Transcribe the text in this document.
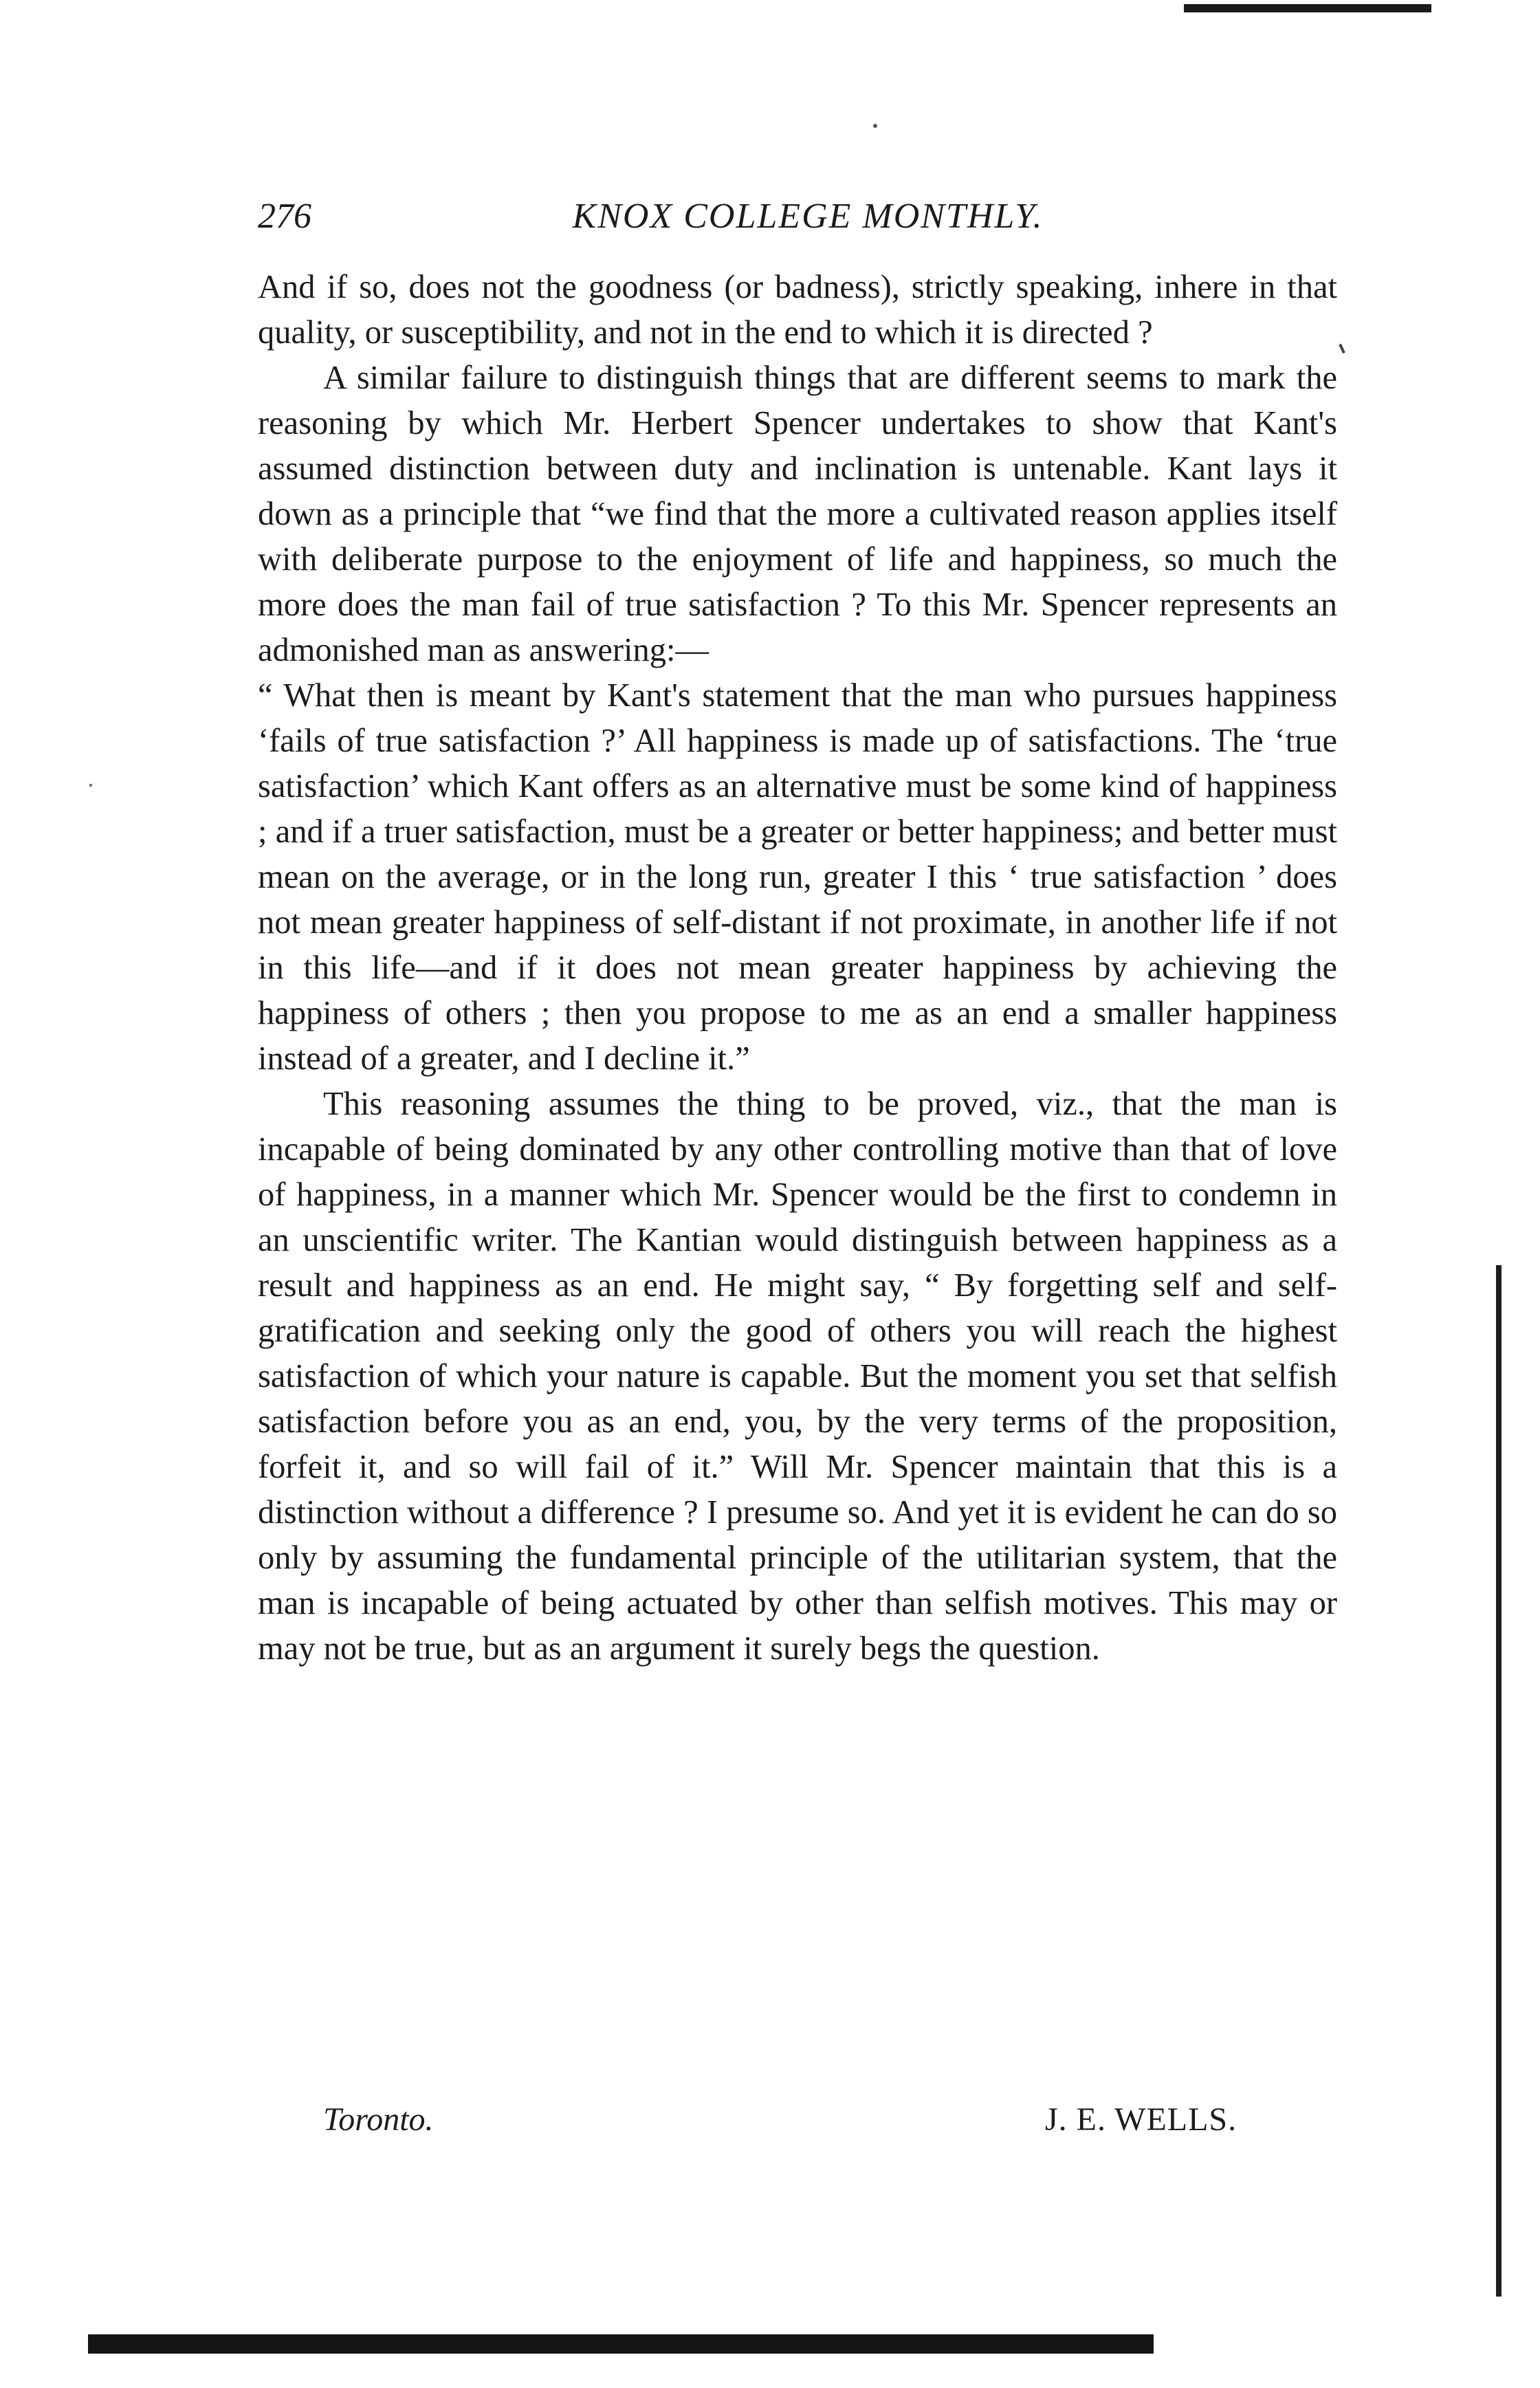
276	KNOX COLLEGE MONTHLY.

And if so, does not the goodness (or badness), strictly speaking, inhere in that quality, or susceptibility, and not in the end to which it is directed ?

A similar failure to distinguish things that are different seems to mark the reasoning by which Mr. Herbert Spencer undertakes to show that Kant's assumed distinction between duty and inclination is untenable. Kant lays it down as a principle that “we find that the more a cultivated reason applies itself with deliberate purpose to the enjoyment of life and happiness, so much the more does the man fail of true satisfaction ? To this Mr. Spencer represents an admonished man as answering:—

“ What then is meant by Kant's statement that the man who pursues happiness ‘fails of true satisfaction ?’ All happiness is made up of satisfactions. The ‘true satisfaction’ which Kant offers as an alternative must be some kind of happiness ; and if a truer satisfaction, must be a greater or better happiness; and better must mean on the average, or in the long run, greater I this ‘ true satisfaction ’ does not mean greater happiness of self-distant if not proximate, in another life if not in this life—and if it does not mean greater happiness by achieving the happiness of others ; then you propose to me as an end a smaller happiness instead of a greater, and I decline it.”

This reasoning assumes the thing to be proved, viz., that the man is incapable of being dominated by any other controlling motive than that of love of happiness, in a manner which Mr. Spencer would be the first to condemn in an unscientific writer. The Kantian would distinguish between happiness as a result and happiness as an end. He might say, “ By forgetting self and self-gratification and seeking only the good of others you will reach the highest satisfaction of which your nature is capable. But the moment you set that selfish satisfaction before you as an end, you, by the very terms of the proposition, forfeit it, and so will fail of it.” Will Mr. Spencer maintain that this is a distinction without a difference ? I presume so. And yet it is evident he can do so only by assuming the fundamental principle of the utilitarian system, that the man is incapable of being actuated by other than selfish motives. This may or may not be true, but as an argument it surely begs the question.

Toronto.	J. E. WELLS.
